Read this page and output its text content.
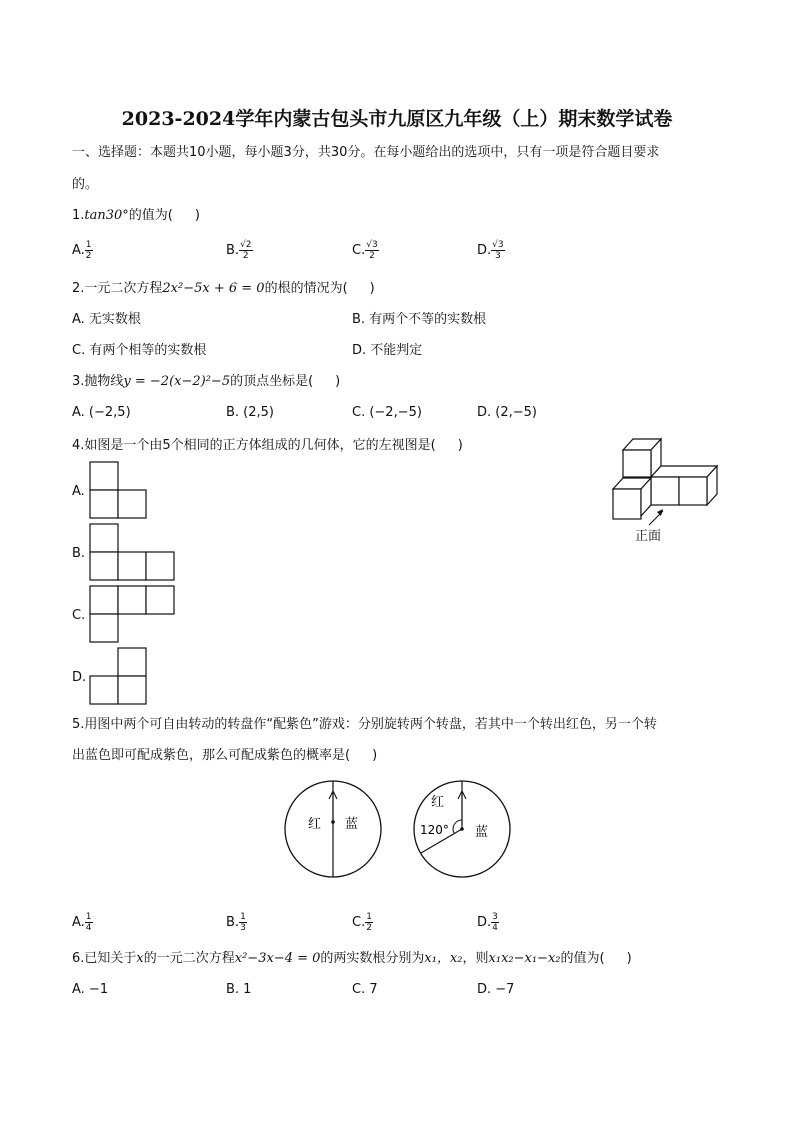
2023-2024学年内蒙古包头市九原区九年级（上）期末数学试卷
一、选择题：本题共10小题，每小题3分，共30分。在每小题给出的选项中，只有一项是符合题目要求
的。
1.tan30°的值为( )
A. $\frac{1}{2}$	B. $\frac{√2}{2}$	C. $\frac{√3}{2}$	D. $\frac{√3}{3}$
2.一元二次方程2x²−5x + 6 = 0的根的情况为( )
A. 无实数根	B. 有两个不等的实数根
C. 有两个相等的实数根	D. 不能判定
3.抛物线y = −2(x−2)²−5的顶点坐标是( )
A. (−2,5)	B. (2,5)	C. (−2,−5)	D. (2,−5)
4.如图是一个由5个相同的正方体组成的几何体，它的左视图是( )
正面
A.
B.
C.
D.
5.用图中两个可自由转动的转盘作“配紫色”游戏：分别旋转两个转盘，若其中一个转出红色，另一个转
出蓝色即可配成紫色，那么可配成紫色的概率是( )
红 蓝
红
120° 蓝
A. $\frac{1}{4}$	B. $\frac{1}{3}$	C. $\frac{1}{2}$	D. $\frac{3}{4}$
6.已知关于x的一元二次方程x²−3x−4 = 0的两实数根分别为x₁，x₂，则x₁x₂−x₁−x₂的值为( )
A. −1	B. 1	C. 7	D. −7
